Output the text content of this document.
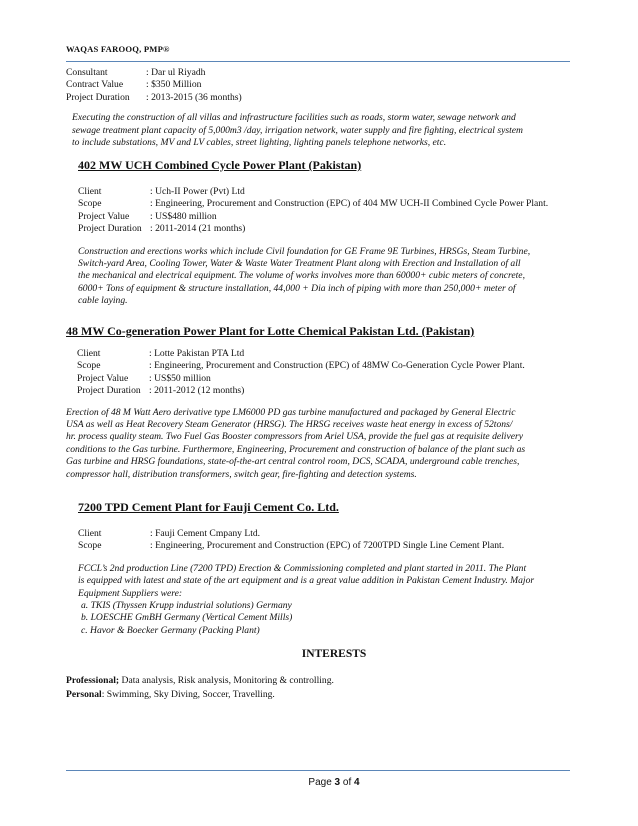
WAQAS FAROOQ, PMP®
Consultant	: Dar ul Riyadh
Contract Value : $350 Million
Project Duration : 2013-2015 (36 months)
Executing the construction of all villas and infrastructure facilities such as roads, storm water, sewage network and
sewage treatment plant capacity of 5,000m3 /day, irrigation network, water supply and fire fighting, electrical system
to include substations, MV and LV cables, street lighting, lighting panels telephone networks, etc.
402 MW UCH Combined Cycle Power Plant (Pakistan)
Client	: Uch-II Power (Pvt) Ltd
Scope	: Engineering, Procurement and Construction (EPC) of 404 MW UCH-II Combined Cycle Power Plant.
Project Value : US$480 million
Project Duration : 2011-2014 (21 months)
Construction and erections works which include Civil foundation for GE Frame 9E Turbines, HRSGs, Steam Turbine,
Switch-yard Area, Cooling Tower, Water & Waste Water Treatment Plant along with Erection and Installation of all
the mechanical and electrical equipment. The volume of works involves more than 60000+ cubic meters of concrete,
6000+ Tons of equipment & structure installation, 44,000 + Dia inch of piping with more than 250,000+ meter of
cable laying.
48 MW Co-generation Power Plant for Lotte Chemical Pakistan Ltd. (Pakistan)
Client	: Lotte Pakistan PTA Ltd
Scope	: Engineering, Procurement and Construction (EPC) of 48MW Co-Generation Cycle Power Plant.
Project Value : US$50 million
Project Duration : 2011-2012 (12 months)
Erection of 48 M Watt Aero derivative type LM6000 PD gas turbine manufactured and packaged by General Electric
USA as well as Heat Recovery Steam Generator (HRSG). The HRSG receives waste heat energy in excess of 52tons/
hr. process quality steam. Two Fuel Gas Booster compressors from Ariel USA, provide the fuel gas at requisite delivery
conditions to the Gas turbine. Furthermore, Engineering, Procurement and construction of balance of the plant such as
Gas turbine and HRSG foundations, state-of-the-art central control room, DCS, SCADA, underground cable trenches,
compressor hall, distribution transformers, switch gear, fire-fighting and detection systems.
7200 TPD Cement Plant for Fauji Cement Co. Ltd.
Client	: Fauji Cement Cmpany Ltd.
Scope	: Engineering, Procurement and Construction (EPC) of 7200TPD Single Line Cement Plant.
FCCL’s 2nd production Line (7200 TPD) Erection & Commissioning completed and plant started in 2011. The Plant
is equipped with latest and state of the art equipment and is a great value addition in Pakistan Cement Industry. Major
Equipment Suppliers were:
a. TKIS (Thyssen Krupp industrial solutions) Germany
b. LOESCHE GmBH Germany (Vertical Cement Mills)
c. Havor & Boecker Germany (Packing Plant)
INTERESTS
Professional; Data analysis, Risk analysis, Monitoring & controlling.
Personal: Swimming, Sky Diving, Soccer, Travelling.
Page 3 of 4
